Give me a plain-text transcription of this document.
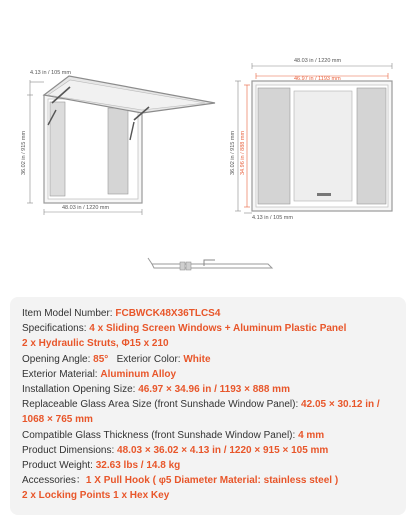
4.13 in / 105 mm
36.02 in / 915 mm
48.03 in / 1220 mm
48.03 in / 1220 mm
46.97 in / 1193 mm
36.02 in / 915 mm 34.96 in / 888 mm
4.13 in / 105 mm
Item Model Number: FCBWCK48X36TLCS4
Specifications: 4 x Sliding Screen Windows + Aluminum Plastic Panel
2 x Hydraulic Struts, Φ15 x 210
Opening Angle: 85° Exterior Color: White
Exterior Material: Aluminum Alloy
Installation Opening Size: 46.97 × 34.96 in / 1193 × 888 mm
Replaceable Glass Area Size (front Sunshade Window Panel): 42.05 × 30.12 in /
1068 × 765 mm
Compatible Glass Thickness (front Sunshade Window Panel): 4 mm
Product Dimensions: 48.03 × 36.02 × 4.13 in / 1220 × 915 × 105 mm
Product Weight: 32.63 lbs / 14.8 kg
Accessories：1 X Pull Hook ( φ5 Diameter Material: stainless steel )
2 x Locking Points 1 x Hex Key
